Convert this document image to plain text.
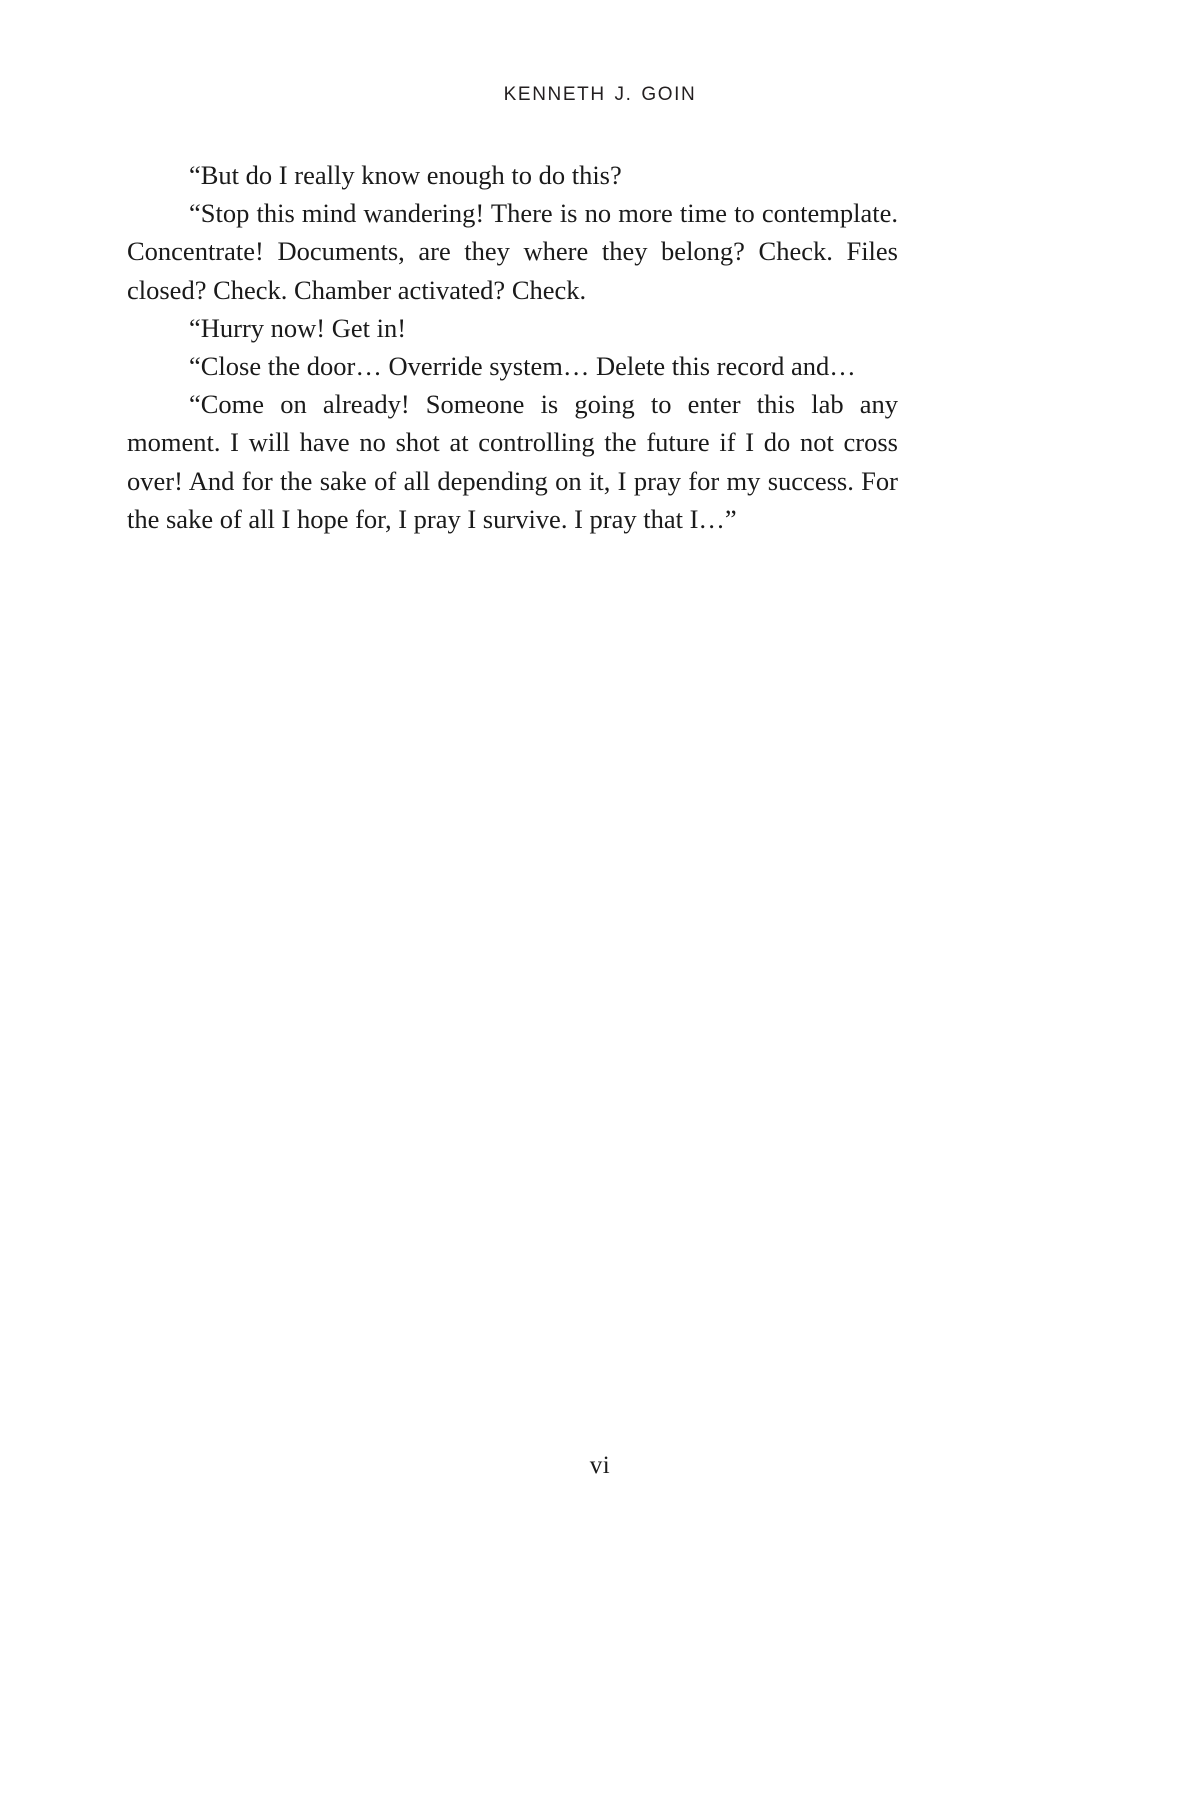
KENNETH J. GOIN

“But do I really know enough to do this?

“Stop this mind wandering! There is no more time to contemplate. Concentrate! Documents, are they where they belong? Check. Files closed? Check. Chamber activated? Check.

“Hurry now! Get in!

“Close the door… Override system… Delete this record and…

“Come on already! Someone is going to enter this lab any moment. I will have no shot at controlling the future if I do not cross over! And for the sake of all depending on it, I pray for my success. For the sake of all I hope for, I pray I survive. I pray that I…”

vi
